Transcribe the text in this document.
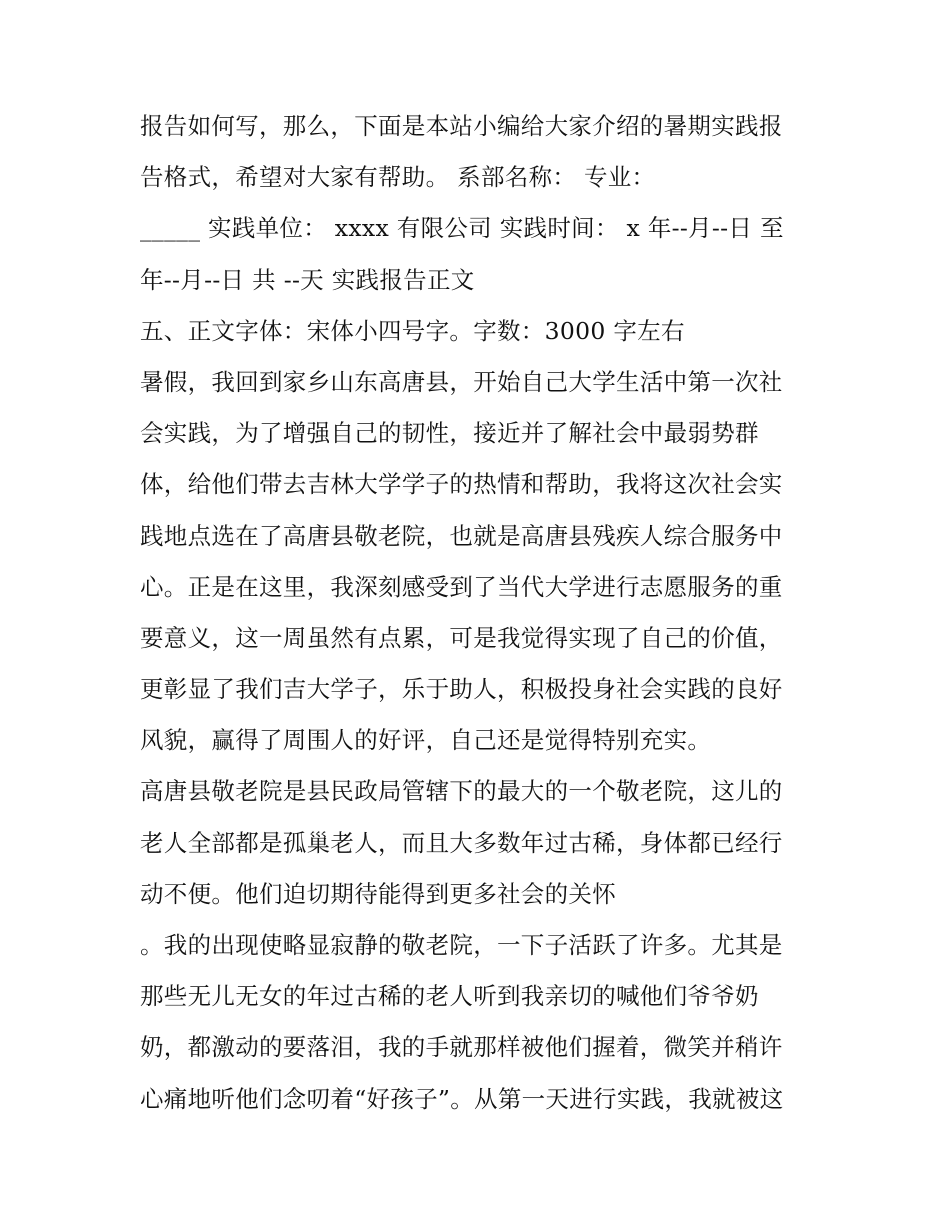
报告如何写，那么，下面是本站小编给大家介绍的暑期实践报
告格式，希望对大家有帮助。 系部名称： 专业：
_____ 实践单位： xxxx 有限公司 实践时间： x 年--月--日 至
年--月--日 共 --天 实践报告正文
五、正文字体：宋体小四号字。字数：3000 字左右
暑假，我回到家乡山东高唐县，开始自己大学生活中第一次社
会实践，为了增强自己的韧性，接近并了解社会中最弱势群
体，给他们带去吉林大学学子的热情和帮助，我将这次社会实
践地点选在了高唐县敬老院，也就是高唐县残疾人综合服务中
心。正是在这里，我深刻感受到了当代大学进行志愿服务的重
要意义，这一周虽然有点累，可是我觉得实现了自己的价值，
更彰显了我们吉大学子，乐于助人，积极投身社会实践的良好
风貌，赢得了周围人的好评，自己还是觉得特别充实。
高唐县敬老院是县民政局管辖下的最大的一个敬老院，这儿的
老人全部都是孤巢老人，而且大多数年过古稀，身体都已经行
动不便。他们迫切期待能得到更多社会的关怀
。我的出现使略显寂静的敬老院，一下子活跃了许多。尤其是
那些无儿无女的年过古稀的老人听到我亲切的喊他们爷爷奶
奶，都激动的要落泪，我的手就那样被他们握着，微笑并稍许
心痛地听他们念叨着“好孩子”。从第一天进行实践，我就被这
